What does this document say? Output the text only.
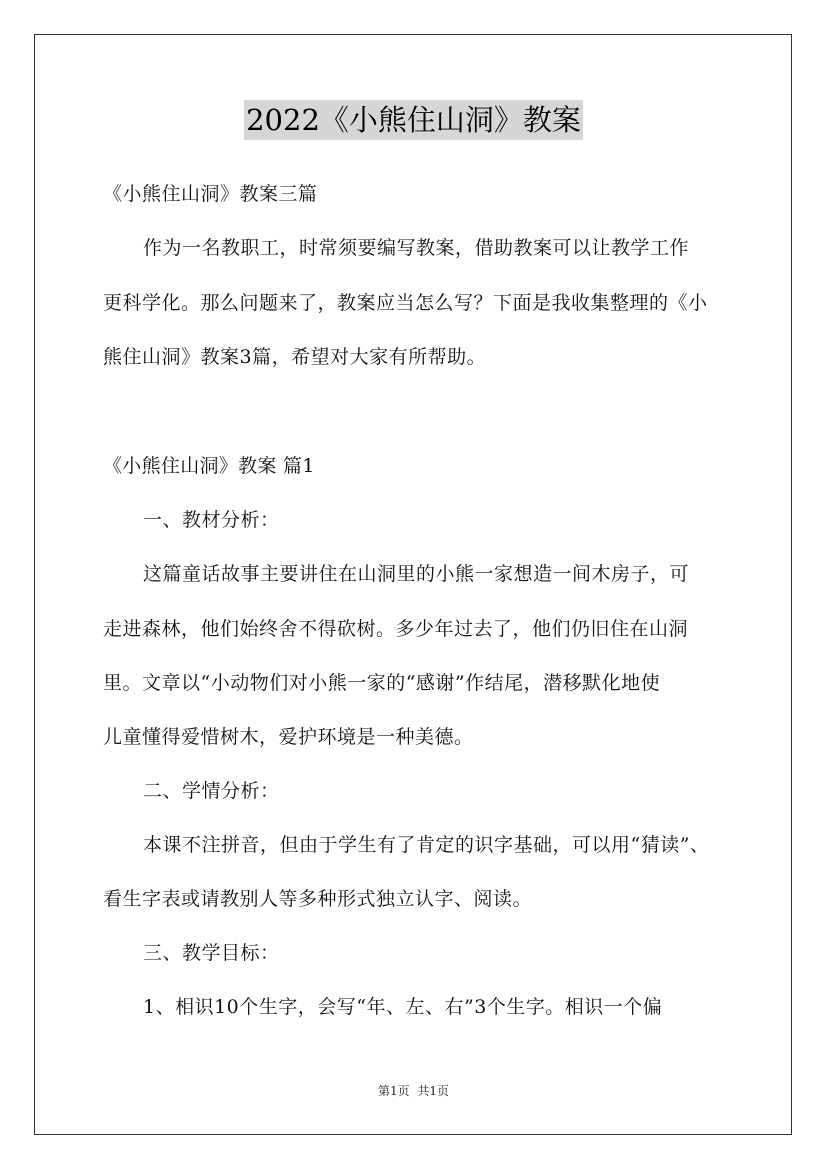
2022《小熊住山洞》教案
《小熊住山洞》教案三篇
作为一名教职工，时常须要编写教案，借助教案可以让教学工作
更科学化。那么问题来了，教案应当怎么写？下面是我收集整理的《小
熊住山洞》教案3篇，希望对大家有所帮助。
《小熊住山洞》教案 篇1
一、教材分析：
这篇童话故事主要讲住在山洞里的小熊一家想造一间木房子，可
走进森林，他们始终舍不得砍树。多少年过去了，他们仍旧住在山洞
里。文章以“小动物们对小熊一家的“感谢”作结尾，潜移默化地使
儿童懂得爱惜树木，爱护环境是一种美德。
二、学情分析：
本课不注拼音，但由于学生有了肯定的识字基础，可以用“猜读”、
看生字表或请教别人等多种形式独立认字、阅读。
三、教学目标：
1、相识10个生字，会写“年、左、右”3个生字。相识一个偏
第1页 共1页
